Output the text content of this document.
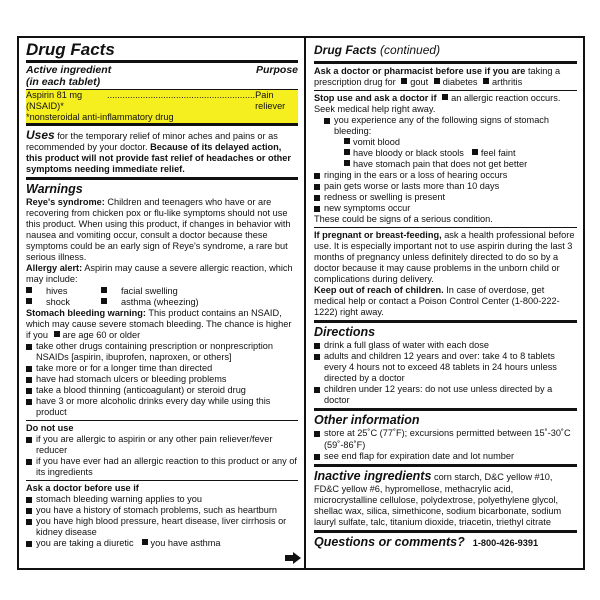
Drug Facts
Active ingredient	Purpose
(in each tablet)
Aspirin 81 mg (NSAID)*
.......................................................... Pain reliever
*nonsteroidal anti-inflammatory drug
Uses for the temporary relief of minor aches and pains or as recommended by your doctor. Because of its delayed action, this product will not provide fast relief of headaches or other symptoms needing immediate relief.
Warnings
Reye's syndrome: Children and teenagers who have or are recovering from chicken pox or flu-like symptoms should not use this product. When using this product, if changes in behavior with nausea and vomiting occur, consult a doctor because these symptoms could be an early sign of Reye's syndrome, a rare but serious illness.
Allergy alert: Aspirin may cause a severe allergic reaction, which may include:
hives	facial swelling
shock	asthma (wheezing)
Stomach bleeding warning: This product contains an NSAID, which may cause severe stomach bleeding. The chance is higher if you are age 60 or older
take other drugs containing prescription or nonprescription NSAIDs [aspirin, ibuprofen, naproxen, or others]
take more or for a longer time than directed
have had stomach ulcers or bleeding problems
take a blood thinning (anticoagulant) or steroid drug
have 3 or more alcoholic drinks every day while using this product
Do not use
if you are allergic to aspirin or any other pain reliever/fever reducer
if you have ever had an allergic reaction to this product or any of its ingredients
Ask a doctor before use if
stomach bleeding warning applies to you
you have a history of stomach problems, such as heartburn
you have high blood pressure, heart disease, liver cirrhosis or kidney disease
you are taking a diuretic you have asthma
Drug Facts (continued)
Ask a doctor or pharmacist before use if you are taking a prescription drug for gout diabetes arthritis
Stop use and ask a doctor if an allergic reaction occurs. Seek medical help right away.
you experience any of the following signs of stomach bleeding:
vomit blood
have bloody or black stools feel faint
have stomach pain that does not get better
ringing in the ears or a loss of hearing occurs
pain gets worse or lasts more than 10 days
redness or swelling is present
new symptoms occur
These could be signs of a serious condition.
If pregnant or breast-feeding, ask a health professional before use. It is especially important not to use aspirin during the last 3 months of pregnancy unless definitely directed to do so by a doctor because it may cause problems in the unborn child or complications during delivery.
Keep out of reach of children. In case of overdose, get medical help or contact a Poison Control Center (1-800-222-1222) right away.
Directions
drink a full glass of water with each dose
adults and children 12 years and over: take 4 to 8 tablets every 4 hours not to exceed 48 tablets in 24 hours unless directed by a doctor
children under 12 years: do not use unless directed by a doctor
Other information
store at 25˚C (77˚F); excursions permitted between 15˚-30˚C (59˚-86˚F)
see end flap for expiration date and lot number
Inactive ingredients corn starch, D&C yellow #10, FD&C yellow #6, hypromellose, methacrylic acid, microcrystalline cellulose, polydextrose, polyethylene glycol, shellac wax, silica, simethicone, sodium bicarbonate, sodium lauryl sulfate, talc, titanium dioxide, triacetin, triethyl citrate
Questions or comments? 1-800-426-9391
